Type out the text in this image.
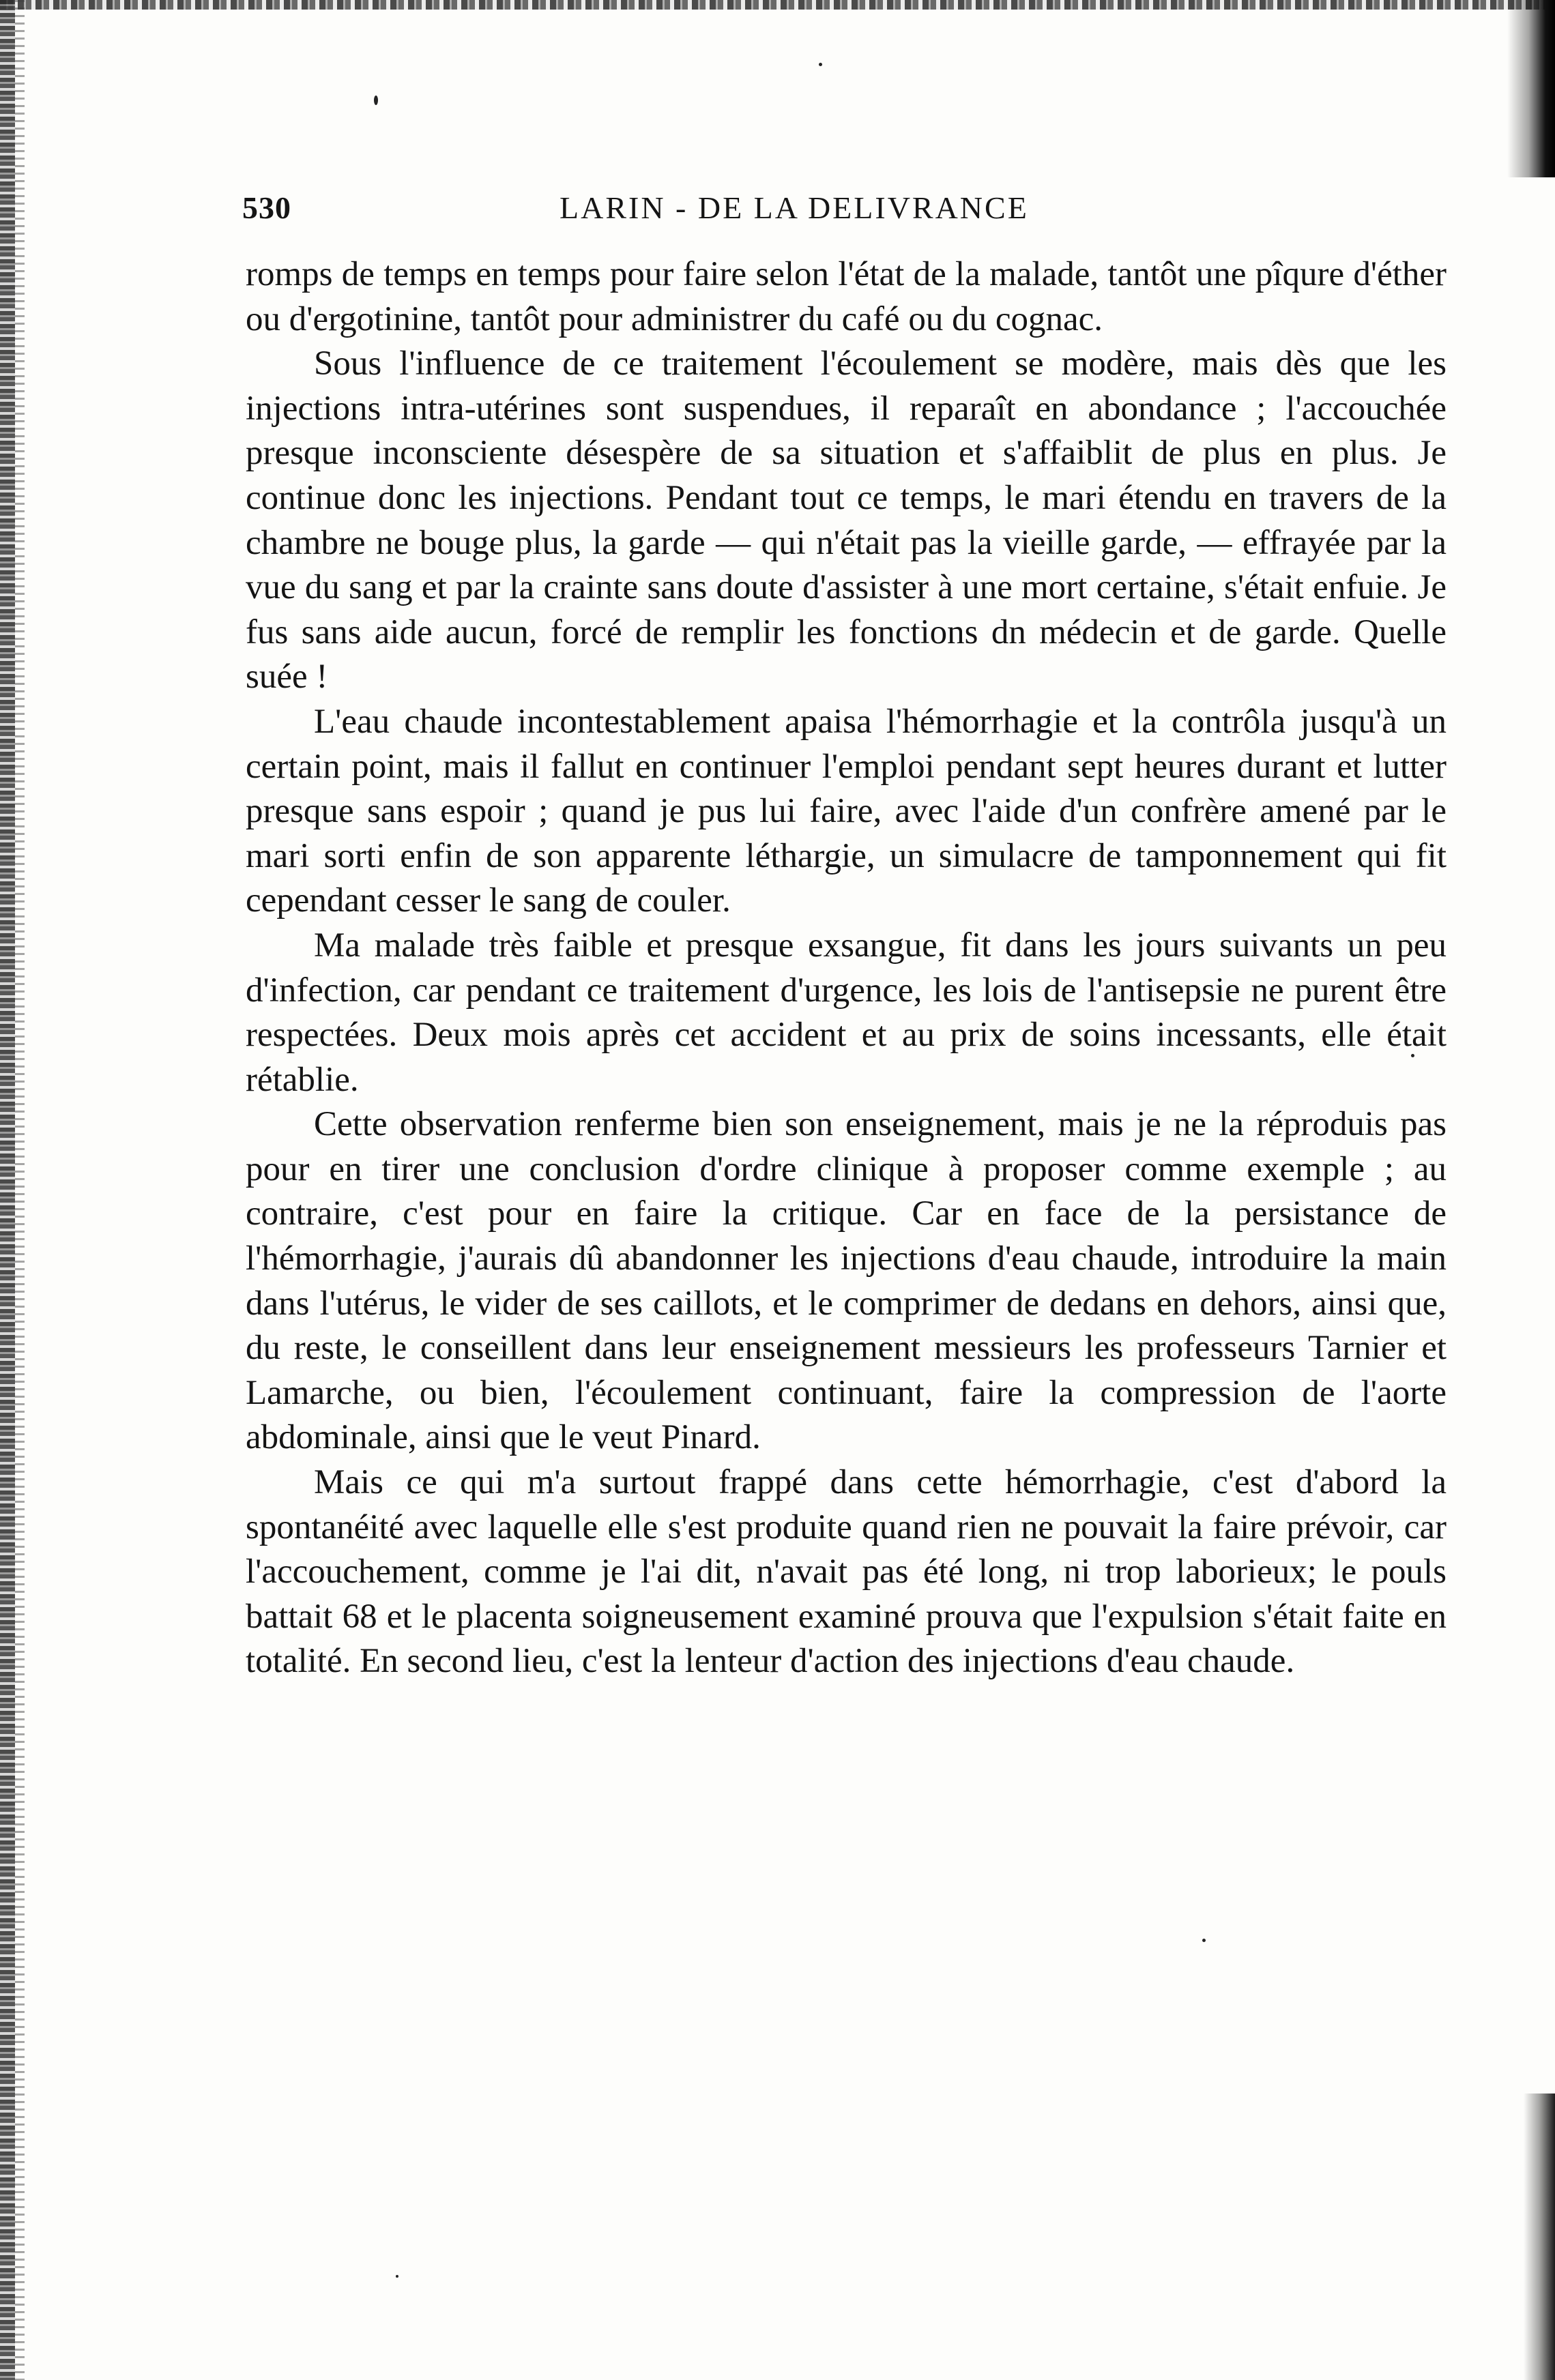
530	LARIN - DE LA DELIVRANCE

romps de temps en temps pour faire selon l'état de la malade, tantôt une pîqure d'éther ou d'ergotinine, tantôt pour administrer du café ou du cognac.

Sous l'influence de ce traitement l'écoulement se modère, mais dès que les injections intra-utérines sont suspendues, il reparaît en abondance ; l'accouchée presque inconsciente désespère de sa situation et s'affaiblit de plus en plus. Je continue donc les injections. Pendant tout ce temps, le mari étendu en travers de la chambre ne bouge plus, la garde — qui n'était pas la vieille garde, — effrayée par la vue du sang et par la crainte sans doute d'assister à une mort certaine, s'était enfuie. Je fus sans aide aucun, forcé de remplir les fonctions dn médecin et de garde. Quelle suée !

L'eau chaude incontestablement apaisa l'hémorrhagie et la contrôla jusqu'à un certain point, mais il fallut en continuer l'emploi pendant sept heures durant et lutter presque sans espoir ; quand je pus lui faire, avec l'aide d'un confrère amené par le mari sorti enfin de son apparente léthargie, un simulacre de tamponnement qui fit cependant cesser le sang de couler.

Ma malade très faible et presque exsangue, fit dans les jours suivants un peu d'infection, car pendant ce traitement d'urgence, les lois de l'antisepsie ne purent être respectées. Deux mois après cet accident et au prix de soins incessants, elle était rétablie.

Cette observation renferme bien son enseignement, mais je ne la réproduis pas pour en tirer une conclusion d'ordre clinique à proposer comme exemple ; au contraire, c'est pour en faire la critique. Car en face de la persistance de l'hémorrhagie, j'aurais dû abandonner les injections d'eau chaude, introduire la main dans l'utérus, le vider de ses caillots, et le comprimer de dedans en dehors, ainsi que, du reste, le conseillent dans leur enseignement messieurs les professeurs Tarnier et Lamarche, ou bien, l'écoulement continuant, faire la compression de l'aorte abdominale, ainsi que le veut Pinard.

Mais ce qui m'a surtout frappé dans cette hémorrhagie, c'est d'abord la spontanéité avec laquelle elle s'est produite quand rien ne pouvait la faire prévoir, car l'accouchement, comme je l'ai dit, n'avait pas été long, ni trop laborieux; le pouls battait 68 et le placenta soigneusement examiné prouva que l'expulsion s'était faite en totalité. En second lieu, c'est la lenteur d'action des injections d'eau chaude.
